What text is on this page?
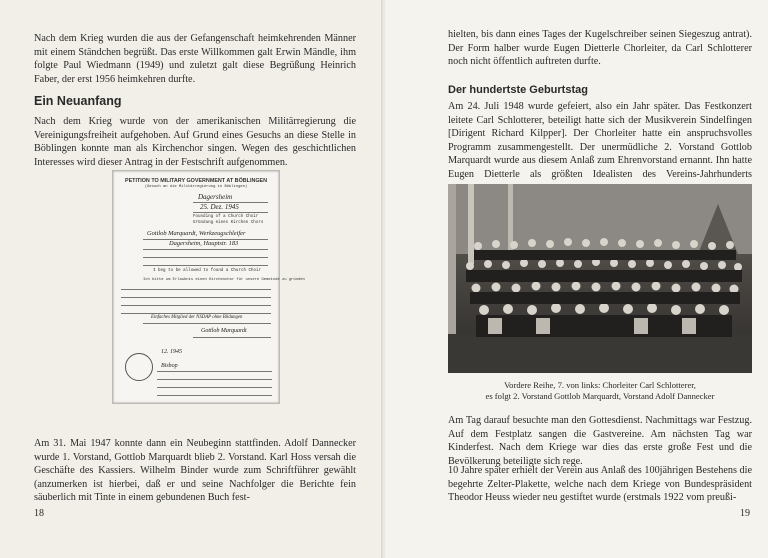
Nach dem Krieg wurden die aus der Gefangenschaft heimkehrenden Männer mit einem Ständchen begrüßt. Das erste Willkommen galt Erwin Mändle, ihm folgte Paul Wiedmann (1949) und zuletzt galt diese Begrüßung Heinrich Faber, der erst 1956 heimkehren durfte.
Ein Neuanfang
Nach dem Krieg wurde von der amerikanischen Militärregierung die Vereinigungsfreiheit aufgehoben. Auf Grund eines Gesuchs an diese Stelle in Böblingen konnte man als Kirchenchor singen. Wegen des geschichtlichen Interesses wird dieser Antrag in der Festschrift aufgenommen.
PETITION TO MILITARY GOVERNMENT AT BÖBLINGEN
(Gesuch an die Militärregierung in Böblingen)
Dagersheim
25. Dez. 1945
Founding of a Church Choir
Gründung eines Kirchen Chors
Gottlob Marquardt, Werkzeugschleifer
Dagersheim, Hauptstr. 183
I beg to be allowed to found a Church Choir
Ich bitte um Erlaubnis einen Kirchenchor für unsere Gemeinde zu gründen
Einfaches Mitglied der NSDAP ohne Bildungen
Gottlob Marquardt
12. 1945
Bishop
Am 31. Mai 1947 konnte dann ein Neubeginn stattfinden. Adolf Dannecker wurde 1. Vorstand, Gottlob Marquardt blieb 2. Vorstand. Karl Hoss versah die Geschäfte des Kassiers. Wilhelm Binder wurde zum Schriftführer gewählt (anzumerken ist hierbei, daß er und seine Nachfolger die Berichte fein säuberlich mit Tinte in einem gebundenen Buch fest-
18
hielten, bis dann eines Tages der Kugelschreiber seinen Siegeszug antrat). Der Form halber wurde Eugen Dietterle Chorleiter, da Carl Schlotterer noch nicht öffentlich auftreten durfte.
Der hundertste Geburtstag
Am 24. Juli 1948 wurde gefeiert, also ein Jahr später. Das Festkonzert leitete Carl Schlotterer, beteiligt hatte sich der Musikverein Sindelfingen [Dirigent Richard Kilpper]. Der Chorleiter hatte ein anspruchsvolles Programm zusammengestellt. Der unermüdliche 2. Vorstand Gottlob Marquardt wurde aus diesem Anlaß zum Ehrenvorstand ernannt. Ihn hatte Eugen Dietterle als größten Idealisten des Vereins-Jahrhunderts
Vordere Reihe, 7. von links: Chorleiter Carl Schlotterer,
es folgt 2. Vorstand Gottlob Marquardt, Vorstand Adolf Dannecker
Am Tag darauf besuchte man den Gottesdienst. Nachmittags war Festzug. Auf dem Festplatz sangen die Gastvereine. Am nächsten Tag war Kinderfest. Nach dem Kriege war dies das erste große Fest und die Bevölkerung beteiligte sich rege.
10 Jahre später erhielt der Verein aus Anlaß des 100jährigen Bestehens die begehrte Zelter-Plakette, welche nach dem Kriege von Bundespräsident Theodor Heuss wieder neu gestiftet wurde (erstmals 1922 vom preußi-
19
